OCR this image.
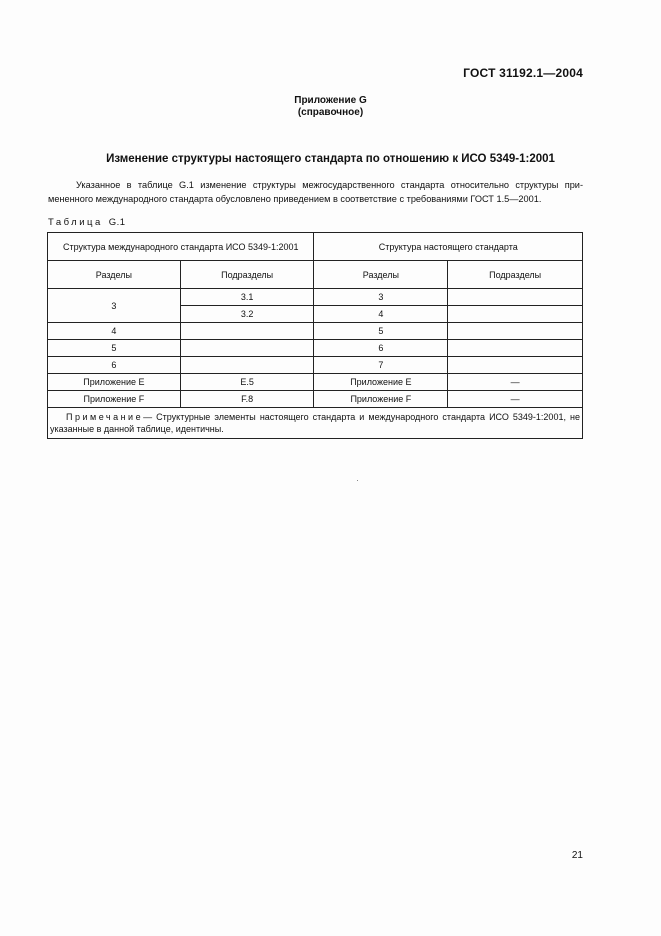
ГОСТ 31192.1—2004
Приложение G
(справочное)
Изменение структуры настоящего стандарта по отношению к ИСО 5349-1:2001
Указанное в таблице G.1 изменение структуры межгосударственного стандарта относительно структуры примененного международного стандарта обусловлено приведением в соответствие с требованиями ГОСТ 1.5—2001.
Таблица G.1
Структура международного стандарта ИСО 5349-1:2001		Структура настоящего стандарта	
Разделы	Подразделы	Разделы	Подразделы
3	3.1	3	
	3.2	4	
4		5	
5		6	
6		7	
Приложение E	E.5	Приложение E	—
Приложение F	F.8	Приложение F	—
Примечание— Структурные элементы настоящего стандарта и международного стандарта ИСО 5349-1:2001, не указанные в данной таблице, идентичны.			
21
